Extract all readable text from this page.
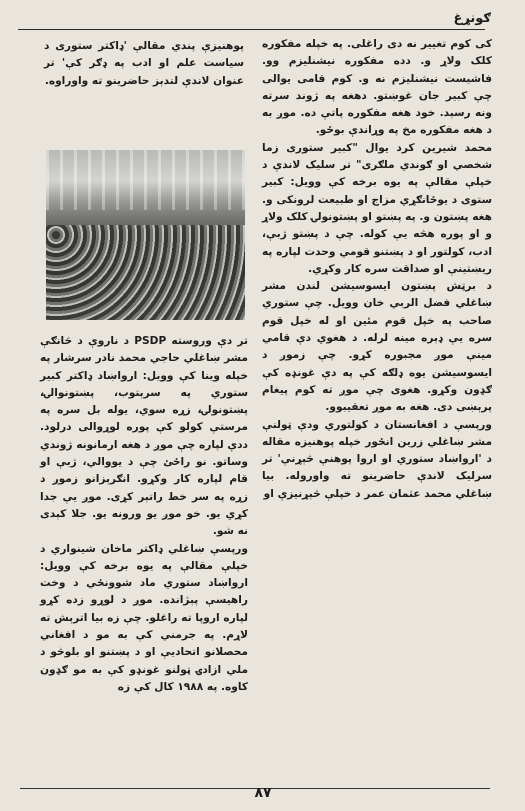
ګونړغ

کی کوم تغییر نه دی راغلی. په خپله مفکوره کلک ولاړ و. دده مفکوره نیشنلیزم وو. فاشیست نیشنلیزم نه و. کوم قامی یوالی چې کبیر جان غوښتو. دهغه په ژوند سرته ونه رسېد. خود هغه مفکوره پاتې ده. موږ به د هغه مفکوره مخ په وړاندې بوځو.

محمد شیرین کرد یوال "کبیر ستوری زما شخصي او ګوندي ملګری" تر سلیک لاندې د خپلې مقالې په یوه برخه کې وویل: کبیر ستوی د یوځانګړي مزاج او طبیعت لرونکی و. هغه پښتون و. په پښتو او پښتونولۍ کلک ولاړ و او پوره هڅه یې کوله. چې د پښتو ژبې، ادب، کولتور او د پښتنو قومي وحدت لپاره په ریښتینې او صداقت سره کار وکړي.

د برټش پښتون ایسوسیشن لندن مشر ښاغلي فضل الربي خان وویل. چې ستوري صاحب په خپل قوم مئین او له خپل قوم سره یې ډېره مینه لرله. د هغوي دې قامي مینې موږ مجبوره کړو. چې زموږ د ایسوسیشن یوه ډلګه کې په دې غونډه کې ګډون وکړو. هغوی چې موږ ته کوم پیغام پرېښی دی. هغه به موږ تعقیبوو.

ورپسې د افغانستان د کولتوري ودې ټولنې مشر ښاغلي زرین انځور خپله پوهنیزه مقاله د 'ارواښاد ستوري او اروا پوهنې څېړنې' تر سرلیک لاندې حاضرینو ته واوروله. بیا ښاغلي محمد عثمان عمر د خپلې څېړنیزې او

پوهنیزې پندي مقالې 'ډاکتر ستوری د سیاست علم او ادب په ډګر کې' تر عنوان لاندې لندېز حاضرینو ته واوراوه.

تر دې وروسته PSDP د ناروې د څانګې مشر ښاغلي حاجي محمد نادر سرشار په خپله وینا کې وویل: ارواښاد ډاکتر کبیر ستوري په سرېتوب، پښتونوالۍ، پښتونولۍ، زړه سوي، یوله بل سره په مرستې کولو کې پوره لوړوالی درلود. ددې لپاره چې موږ د هغه ارمانونه ژوندي وساتو. نو راځئ چې د یووالي، ژبې او قام لپاره کار وکړو. انګرېزانو زموږ د زړه په سر خط راتېر کړی. موږ یې جدا کړي یو. خو موږ یو ورونه یو. جلا کېدی نه شو.

ورپسې ښاغلي ډاکتر ماخان شینواري د خپلې مقالې په یوه برخه کې وویل: ارواښاد ستوري ماد شوونځي د وخت راهیسې پېژانده. موږ د لوړو زده کړو لپاره اروپا ته راغلو. چې زه بیا اترېش ته لاړم. په جرمني کې به مو د افغاني محصلانو اتحادیې او د پښتنو او بلوڅو د ملي ازادۍ ټولنو غونډو کې به مو ګډون کاوه. په ۱۹۸۸ کال کې زه

۸٧
